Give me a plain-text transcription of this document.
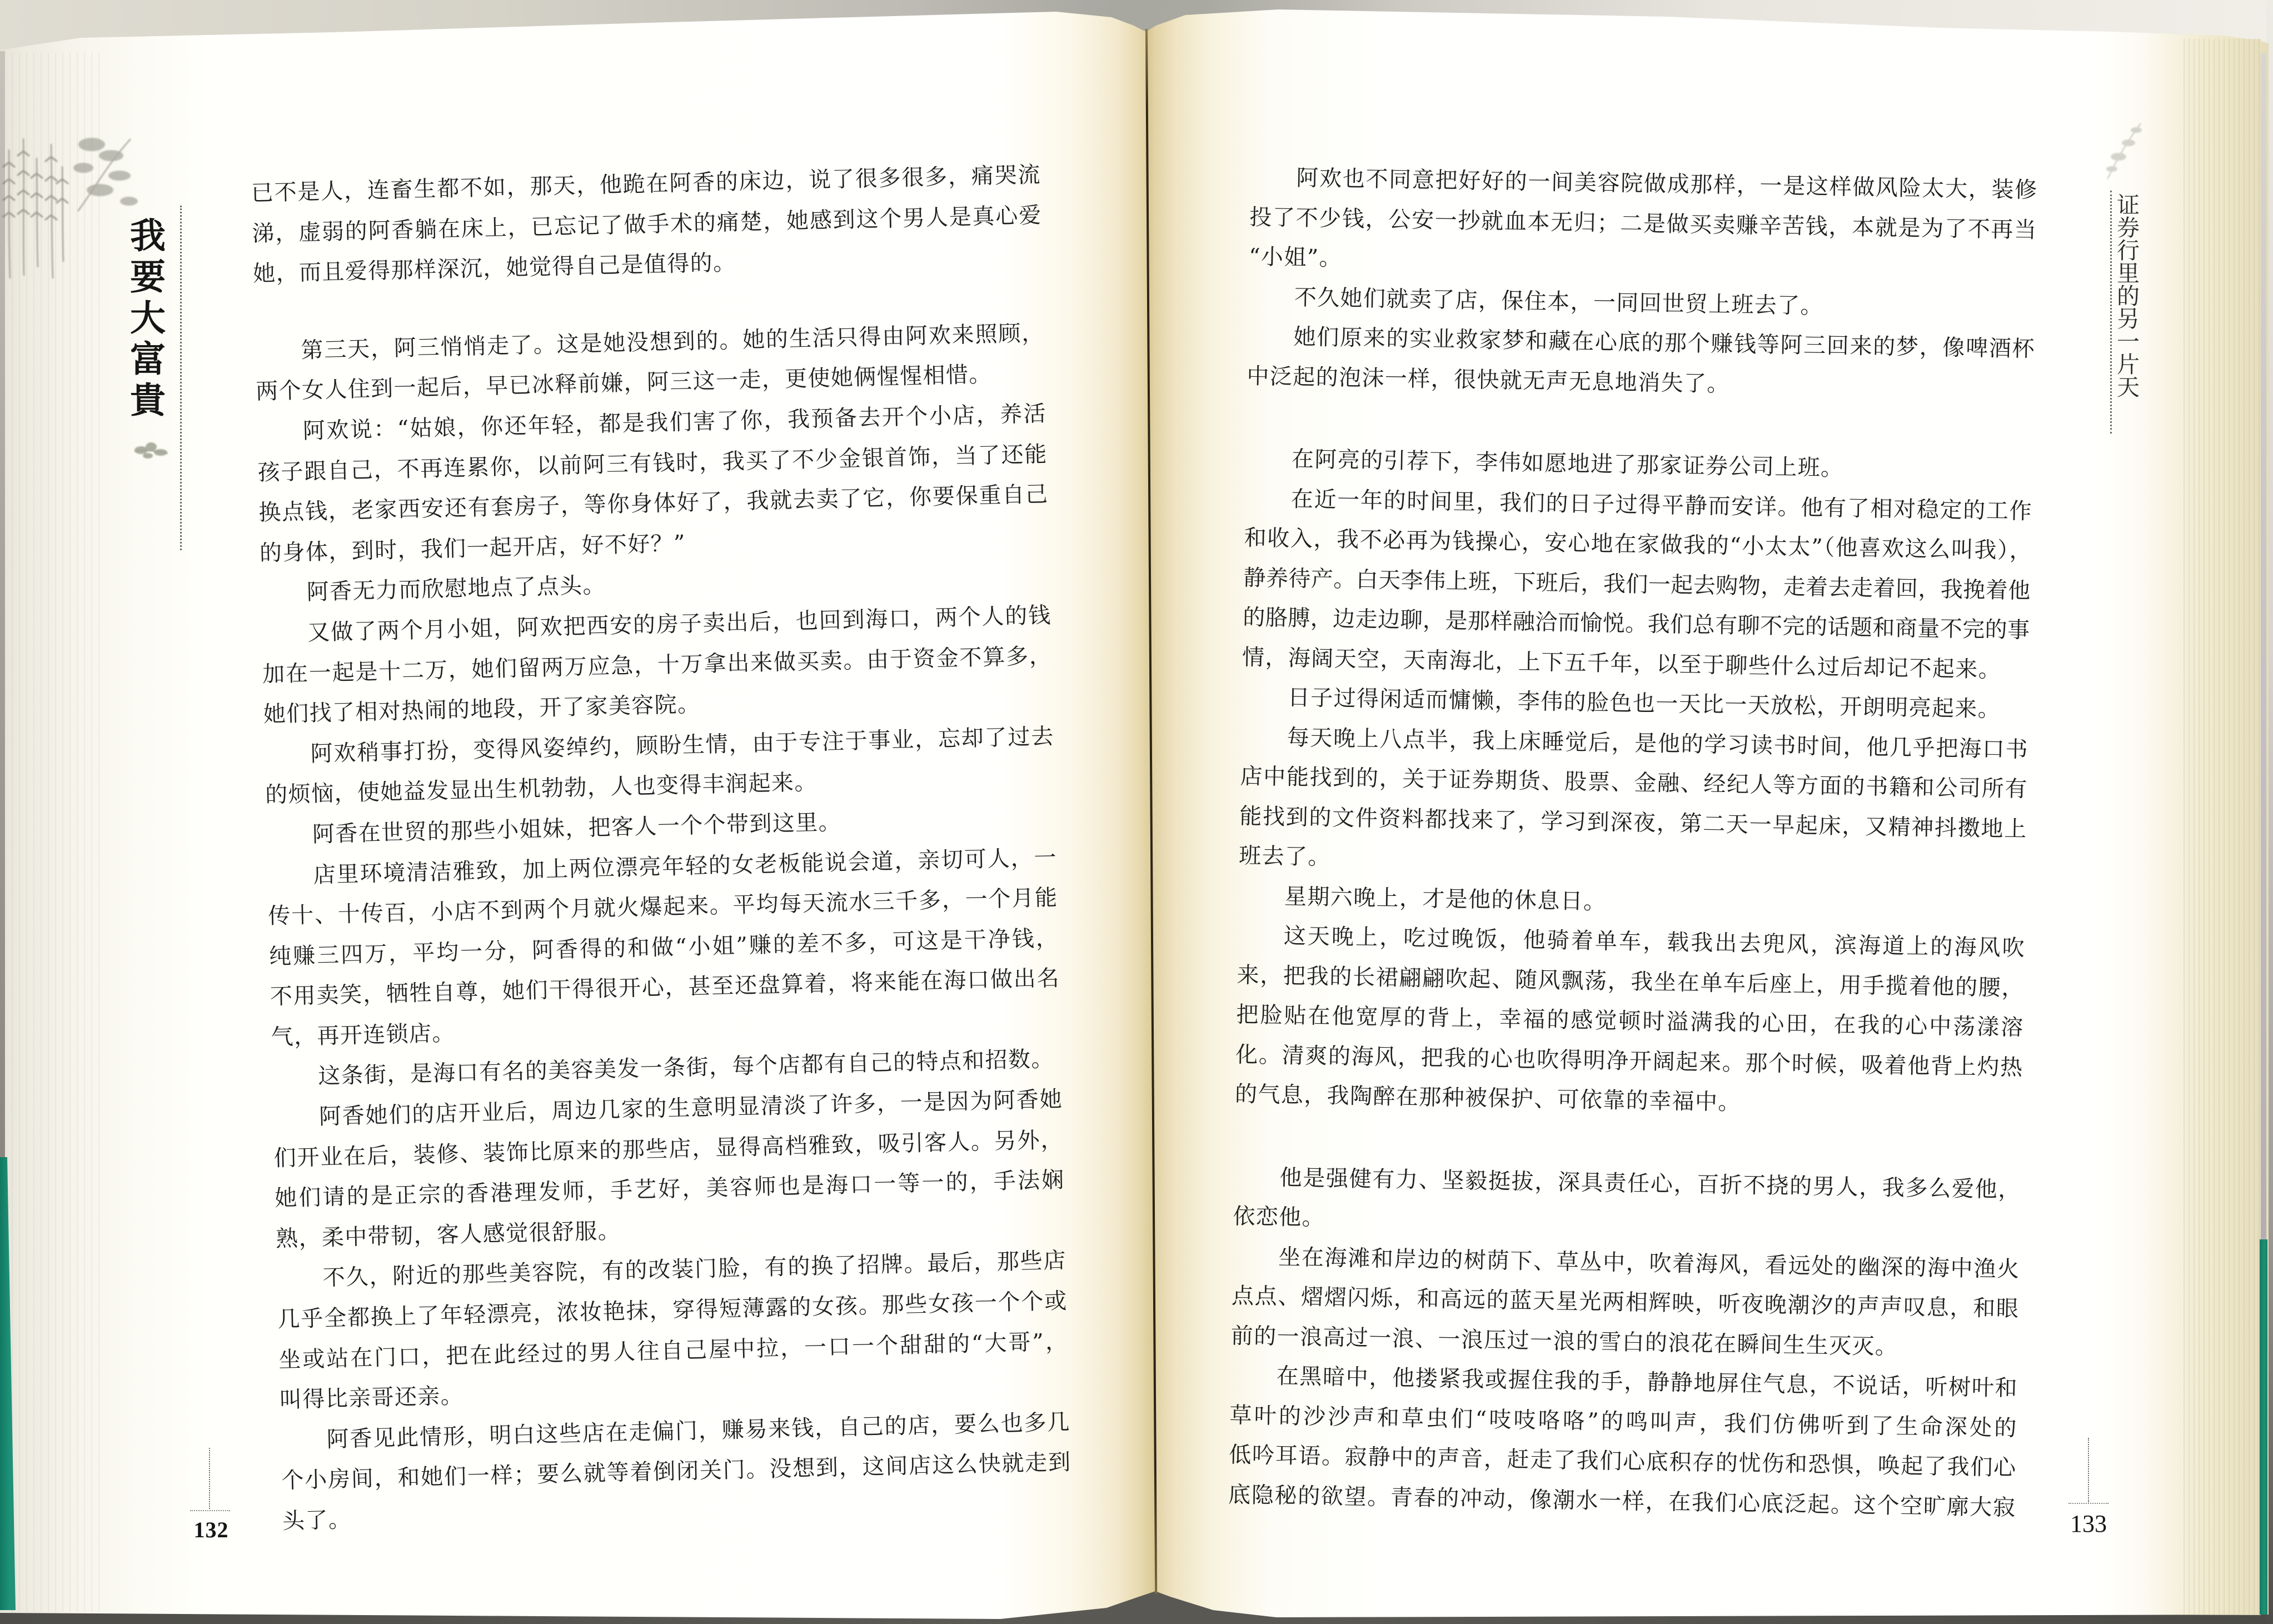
我要大富貴	证券行里的另一片天
132	133
已不是人，连畜生都不如，那天，他跪在阿香的床边，说了很多很多，痛哭流
涕，虚弱的阿香躺在床上，已忘记了做手术的痛楚，她感到这个男人是真心爱
她，而且爱得那样深沉，她觉得自己是值得的。
第三天，阿三悄悄走了。这是她没想到的。她的生活只得由阿欢来照顾，
两个女人住到一起后，早已冰释前嫌，阿三这一走，更使她俩惺惺相惜。
阿欢说：“姑娘，你还年轻，都是我们害了你，我预备去开个小店，养活
孩子跟自己，不再连累你，以前阿三有钱时，我买了不少金银首饰，当了还能
换点钱，老家西安还有套房子，等你身体好了，我就去卖了它，你要保重自己
的身体，到时，我们一起开店，好不好？”
阿香无力而欣慰地点了点头。
又做了两个月小姐，阿欢把西安的房子卖出后，也回到海口，两个人的钱
加在一起是十二万，她们留两万应急，十万拿出来做买卖。由于资金不算多，
她们找了相对热闹的地段，开了家美容院。
阿欢稍事打扮，变得风姿绰约，顾盼生情，由于专注于事业，忘却了过去
的烦恼，使她益发显出生机勃勃，人也变得丰润起来。
阿香在世贸的那些小姐妹，把客人一个个带到这里。
店里环境清洁雅致，加上两位漂亮年轻的女老板能说会道，亲切可人，一
传十、十传百，小店不到两个月就火爆起来。平均每天流水三千多，一个月能
纯赚三四万，平均一分，阿香得的和做“小姐”赚的差不多，可这是干净钱，
不用卖笑，牺牲自尊，她们干得很开心，甚至还盘算着，将来能在海口做出名
气，再开连锁店。
这条街，是海口有名的美容美发一条街，每个店都有自己的特点和招数。
阿香她们的店开业后，周边几家的生意明显清淡了许多，一是因为阿香她
们开业在后，装修、装饰比原来的那些店，显得高档雅致，吸引客人。另外，
她们请的是正宗的香港理发师，手艺好，美容师也是海口一等一的，手法娴
熟，柔中带韧，客人感觉很舒服。
不久，附近的那些美容院，有的改装门脸，有的换了招牌。最后，那些店
几乎全都换上了年轻漂亮，浓妆艳抹，穿得短薄露的女孩。那些女孩一个个或
坐或站在门口，把在此经过的男人往自己屋中拉，一口一个甜甜的“大哥”，
叫得比亲哥还亲。
阿香见此情形，明白这些店在走偏门，赚易来钱，自己的店，要么也多几
个小房间，和她们一样；要么就等着倒闭关门。没想到，这间店这么快就走到
头了。
阿欢也不同意把好好的一间美容院做成那样，一是这样做风险太大，装修
投了不少钱，公安一抄就血本无归；二是做买卖赚辛苦钱，本就是为了不再当
“小姐”。
不久她们就卖了店，保住本，一同回世贸上班去了。
她们原来的实业救家梦和藏在心底的那个赚钱等阿三回来的梦，像啤酒杯
中泛起的泡沫一样，很快就无声无息地消失了。
在阿亮的引荐下，李伟如愿地进了那家证券公司上班。
在近一年的时间里，我们的日子过得平静而安详。他有了相对稳定的工作
和收入，我不必再为钱操心，安心地在家做我的“小太太”（他喜欢这么叫我），
静养待产。白天李伟上班，下班后，我们一起去购物，走着去走着回，我挽着他
的胳膊，边走边聊，是那样融洽而愉悦。我们总有聊不完的话题和商量不完的事
情，海阔天空，天南海北，上下五千年，以至于聊些什么过后却记不起来。
日子过得闲适而慵懒，李伟的脸色也一天比一天放松，开朗明亮起来。
每天晚上八点半，我上床睡觉后，是他的学习读书时间，他几乎把海口书
店中能找到的，关于证券期货、股票、金融、经纪人等方面的书籍和公司所有
能找到的文件资料都找来了，学习到深夜，第二天一早起床，又精神抖擞地上
班去了。
星期六晚上，才是他的休息日。
这天晚上，吃过晚饭，他骑着单车，载我出去兜风，滨海道上的海风吹
来，把我的长裙翩翩吹起、随风飘荡，我坐在单车后座上，用手揽着他的腰，
把脸贴在他宽厚的背上，幸福的感觉顿时溢满我的心田，在我的心中荡漾溶
化。清爽的海风，把我的心也吹得明净开阔起来。那个时候，吸着他背上灼热
的气息，我陶醉在那种被保护、可依靠的幸福中。
他是强健有力、坚毅挺拔，深具责任心，百折不挠的男人，我多么爱他，
依恋他。
坐在海滩和岸边的树荫下、草丛中，吹着海风，看远处的幽深的海中渔火
点点、熠熠闪烁，和高远的蓝天星光两相辉映，听夜晚潮汐的声声叹息，和眼
前的一浪高过一浪、一浪压过一浪的雪白的浪花在瞬间生生灭灭。
在黑暗中，他搂紧我或握住我的手，静静地屏住气息，不说话，听树叶和
草叶的沙沙声和草虫们“吱吱咯咯”的鸣叫声，我们仿佛听到了生命深处的
低吟耳语。寂静中的声音，赶走了我们心底积存的忧伤和恐惧，唤起了我们心
底隐秘的欲望。青春的冲动，像潮水一样，在我们心底泛起。这个空旷廓大寂
